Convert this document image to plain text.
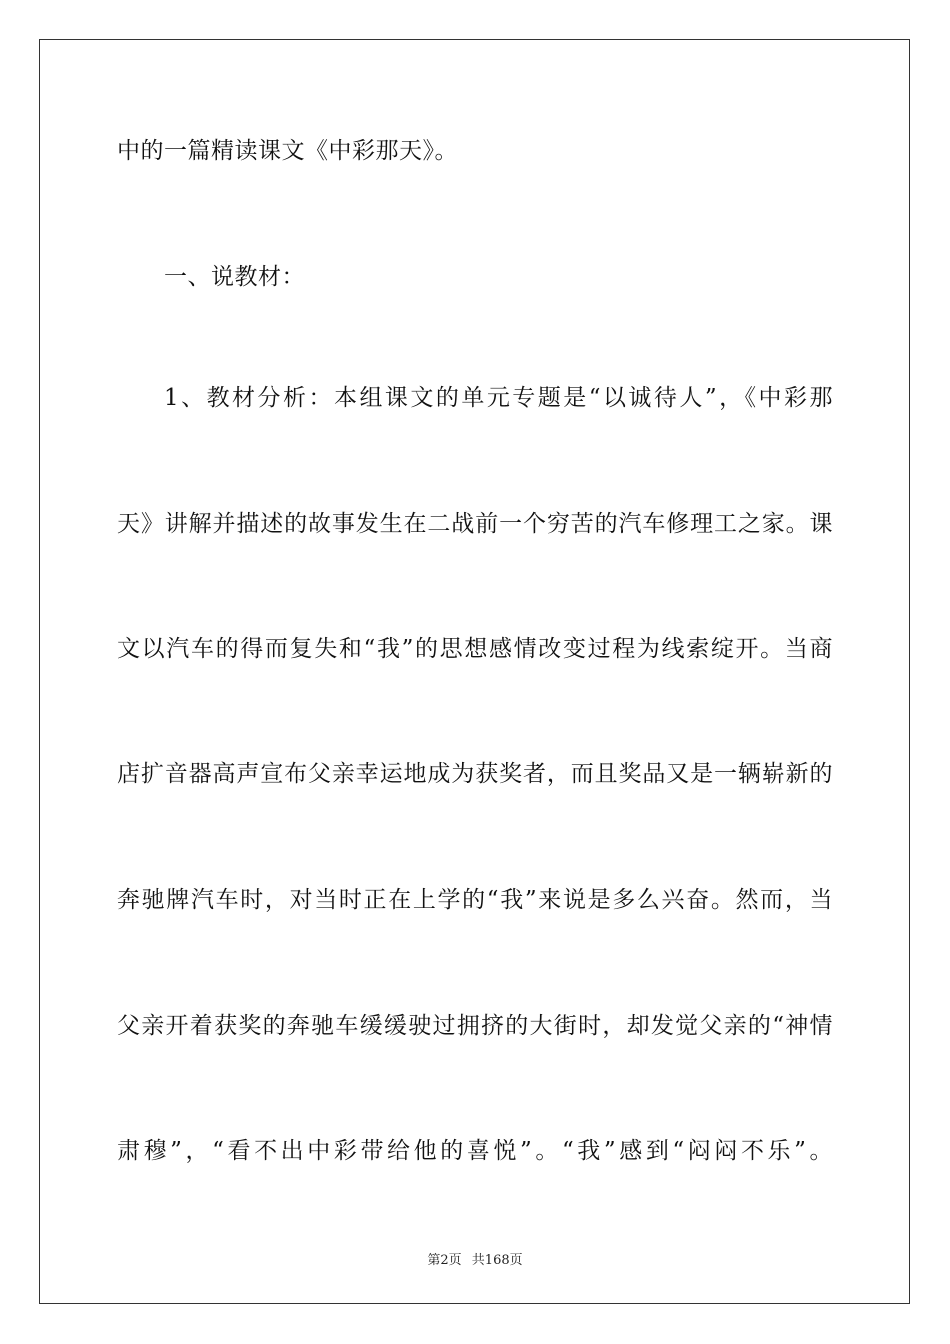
中的一篇精读课文《中彩那天》。
一、说教材：
1、教材分析：本组课文的单元专题是“以诚待人”，《中彩那
天》讲解并描述的故事发生在二战前一个穷苦的汽车修理工之家。课
文以汽车的得而复失和“我”的思想感情改变过程为线索绽开。当商
店扩音器高声宣布父亲幸运地成为获奖者，而且奖品又是一辆崭新的
奔驰牌汽车时，对当时正在上学的“我”来说是多么兴奋。然而，当
父亲开着获奖的奔驰车缓缓驶过拥挤的大街时，却发觉父亲的“神情
肃穆”，“看不出中彩带给他的喜悦”。“我”感到“闷闷不乐”。
第2页 共168页
